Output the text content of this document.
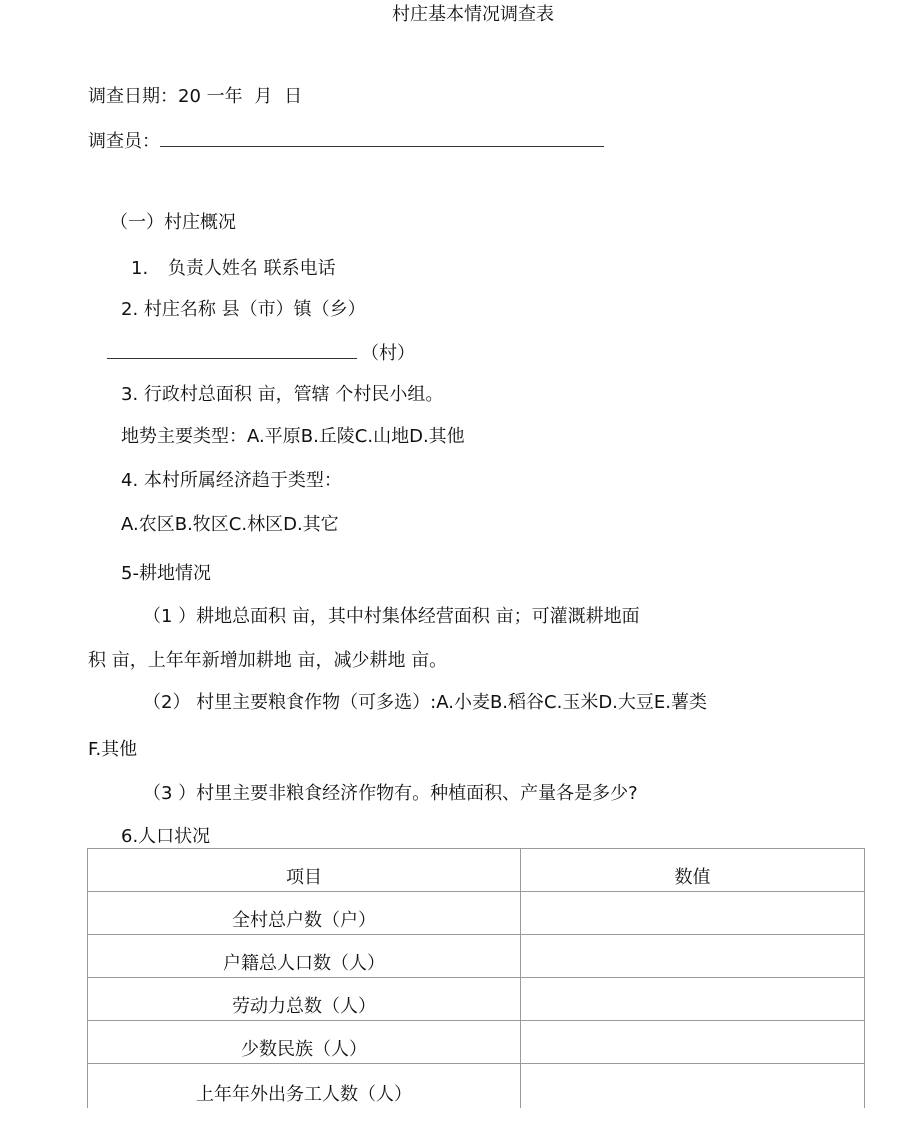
村庄基本情况调查表
调查日期：20 一年 月 日
调查员：
（一）村庄概况
1. 负责人姓名 联系电话
2. 村庄名称 县（市）镇（乡）
（村）
3. 行政村总面积 亩，管辖 个村民小组。
地势主要类型：A.平原B.丘陵C.山地D.其他
4. 本村所属经济趋于类型：
A.农区B.牧区C.林区D.其它
5-耕地情况
（1 ）耕地总面积 亩，其中村集体经营面积 亩；可灌溉耕地面
积 亩，上年年新增加耕地 亩，减少耕地 亩。
（2） 村里主要粮食作物（可多选）:A.小麦B.稻谷C.玉米D.大豆E.薯类
F.其他
（3 ）村里主要非粮食经济作物有。种植面积、产量各是多少?
6.人口状况
项目	数值
全村总户数（户）	
户籍总人口数（人）	
劳动力总数（人）	
少数民族（人）	
上年年外出务工人数（人）	
